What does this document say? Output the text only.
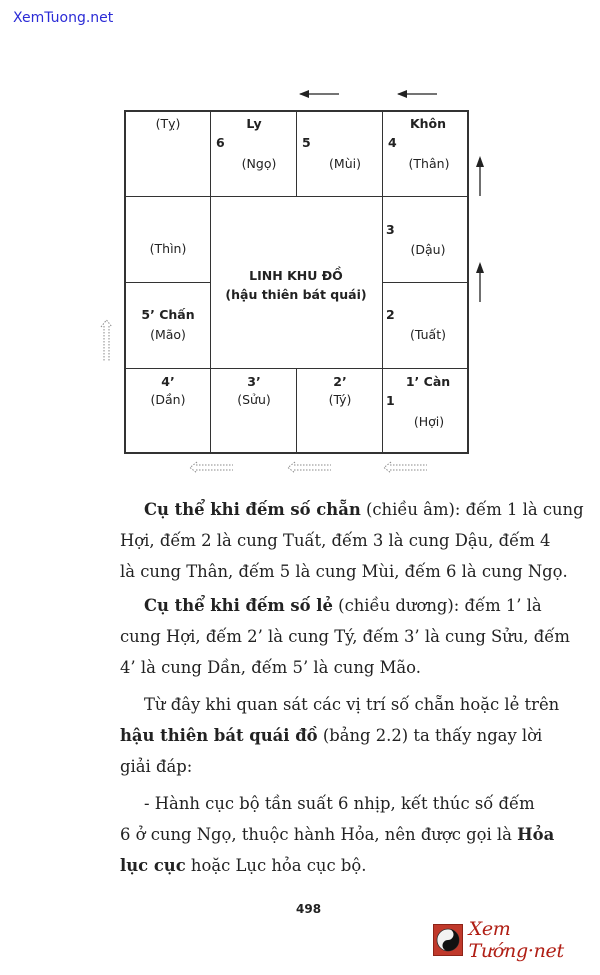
XemTuong.net
(Tỵ)	Ly
6
(Ngọ)
5
(Mùi)
Khôn
4
(Thân)
(Thìn)
3
(Dậu)
LINH KHU ĐỒ
(hậu thiên bát quái)
5’ Chấn
(Mão)
2
(Tuất)
4’
(Dần)
3’
(Sửu)
2’
(Tý)
1’ Càn
1
(Hợi)
Cụ thể khi đếm số chẵn (chiều âm): đếm 1 là cung
Hợi, đếm 2 là cung Tuất, đếm 3 là cung Dậu, đếm 4
là cung Thân, đếm 5 là cung Mùi, đếm 6 là cung Ngọ.
Cụ thể khi đếm số lẻ (chiều dương): đếm 1’ là
cung Hợi, đếm 2’ là cung Tý, đếm 3’ là cung Sửu, đếm
4’ là cung Dần, đếm 5’ là cung Mão.
Từ đây khi quan sát các vị trí số chẵn hoặc lẻ trên
hậu thiên bát quái đồ (bảng 2.2) ta thấy ngay lời
giải đáp:
- Hành cục bộ tần suất 6 nhịp, kết thúc số đếm
6 ở cung Ngọ, thuộc hành Hỏa, nên được gọi là Hỏa
lục cục hoặc Lục hỏa cục bộ.
498
Xem Tướng·net
